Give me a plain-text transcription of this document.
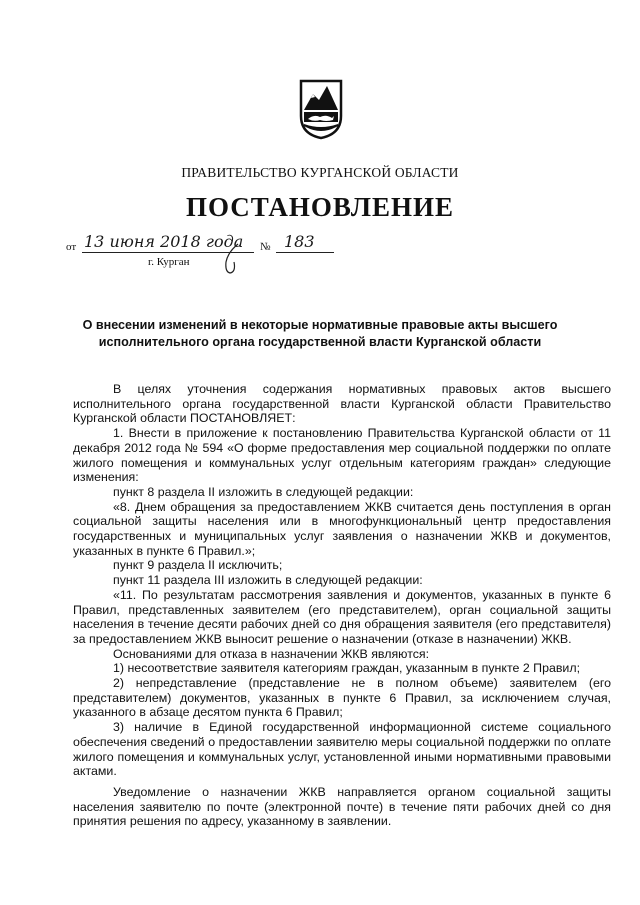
ПРАВИТЕЛЬСТВО КУРГАНСКОЙ ОБЛАСТИ
ПОСТАНОВЛЕНИЕ
от 13 июня 2018 года № 183
г. Курган
О внесении изменений в некоторые нормативные правовые акты высшего исполнительного органа государственной власти Курганской области

В целях уточнения содержания нормативных правовых актов высшего исполнительного органа государственной власти Курганской области Правительство Курганской области ПОСТАНОВЛЯЕТ:

1. Внести в приложение к постановлению Правительства Курганской области от 11 декабря 2012 года № 594 «О форме предоставления мер социальной поддержки по оплате жилого помещения и коммунальных услуг отдельным категориям граждан» следующие изменения:

пункт 8 раздела II изложить в следующей редакции:

«8. Днем обращения за предоставлением ЖКВ считается день поступления в орган социальной защиты населения или в многофункциональный центр предоставления государственных и муниципальных услуг заявления о назначении ЖКВ и документов, указанных в пункте 6 Правил.»;

пункт 9 раздела II исключить;

пункт 11 раздела III изложить в следующей редакции:

«11. По результатам рассмотрения заявления и документов, указанных в пункте 6 Правил, представленных заявителем (его представителем), орган социальной защиты населения в течение десяти рабочих дней со дня обращения заявителя (его представителя) за предоставлением ЖКВ выносит решение о назначении (отказе в назначении) ЖКВ.

Основаниями для отказа в назначении ЖКВ являются:

1) несоответствие заявителя категориям граждан, указанным в пункте 2 Правил;

2) непредставление (представление не в полном объеме) заявителем (его представителем) документов, указанных в пункте 6 Правил, за исключением случая, указанного в абзаце десятом пункта 6 Правил;

3) наличие в Единой государственной информационной системе социального обеспечения сведений о предоставлении заявителю меры социальной поддержки по оплате жилого помещения и коммунальных услуг, установленной иными нормативными правовыми актами.

Уведомление о назначении ЖКВ направляется органом социальной защиты населения заявителю по почте (электронной почте) в течение пяти рабочих дней со дня принятия решения по адресу, указанному в заявлении.
